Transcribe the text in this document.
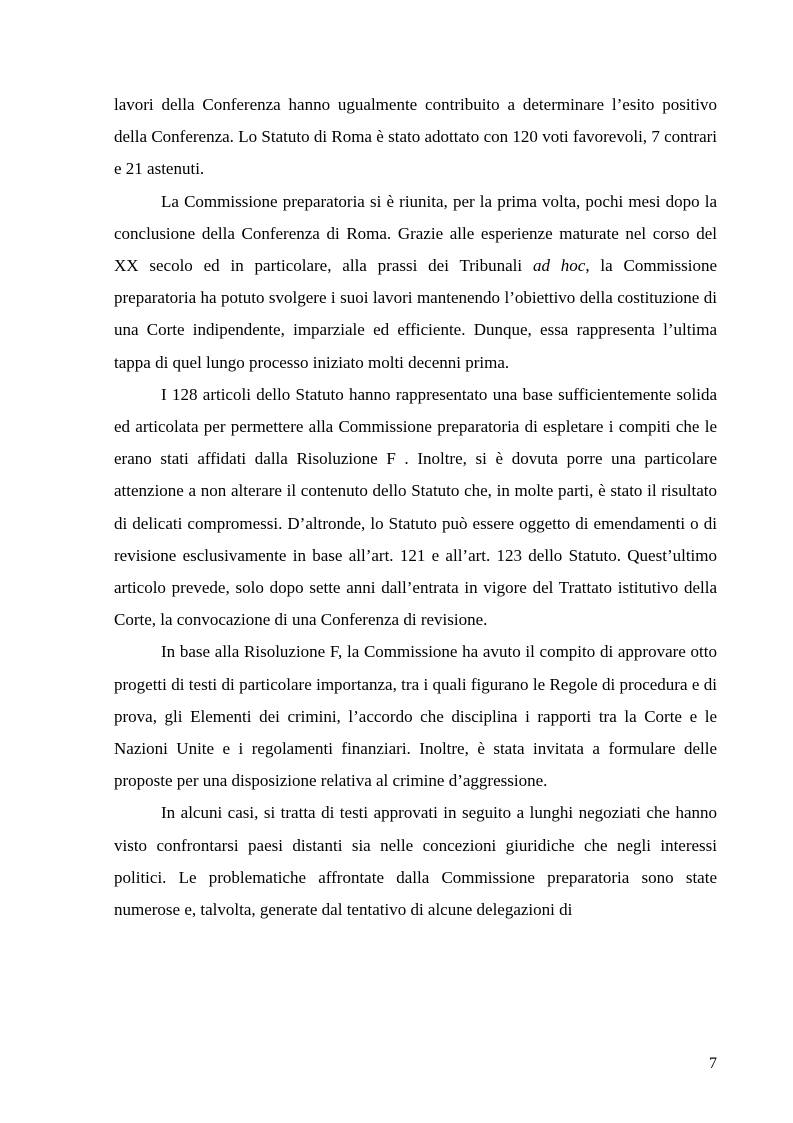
lavori della Conferenza hanno ugualmente contribuito a determinare l’esito positivo della Conferenza. Lo Statuto di Roma è stato adottato con 120 voti favorevoli, 7 contrari e 21 astenuti.

La Commissione preparatoria si è riunita, per la prima volta, pochi mesi dopo la conclusione della Conferenza di Roma. Grazie alle esperienze maturate nel corso del XX secolo ed in particolare, alla prassi dei Tribunali ad hoc, la Commissione preparatoria ha potuto svolgere i suoi lavori mantenendo l’obiettivo della costituzione di una Corte indipendente, imparziale ed efficiente. Dunque, essa rappresenta l’ultima tappa di quel lungo processo iniziato molti decenni prima.

I 128 articoli dello Statuto hanno rappresentato una base sufficientemente solida ed articolata per permettere alla Commissione preparatoria di espletare i compiti che le erano stati affidati dalla Risoluzione F . Inoltre, si è dovuta porre una particolare attenzione a non alterare il contenuto dello Statuto che, in molte parti, è stato il risultato di delicati compromessi. D’altronde, lo Statuto può essere oggetto di emendamenti o di revisione esclusivamente in base all’art. 121 e all’art. 123 dello Statuto. Quest’ultimo articolo prevede, solo dopo sette anni dall’entrata in vigore del Trattato istitutivo della Corte, la convocazione di una Conferenza di revisione.

In base alla Risoluzione F, la Commissione ha avuto il compito di approvare otto progetti di testi di particolare importanza, tra i quali figurano le Regole di procedura e di prova, gli Elementi dei crimini, l’accordo che disciplina i rapporti tra la Corte e le Nazioni Unite e i regolamenti finanziari. Inoltre, è stata invitata a formulare delle proposte per una disposizione relativa al crimine d’aggressione.

In alcuni casi, si tratta di testi approvati in seguito a lunghi negoziati che hanno visto confrontarsi paesi distanti sia nelle concezioni giuridiche che negli interessi politici. Le problematiche affrontate dalla Commissione preparatoria sono state numerose e, talvolta, generate dal tentativo di alcune delegazioni di

7
